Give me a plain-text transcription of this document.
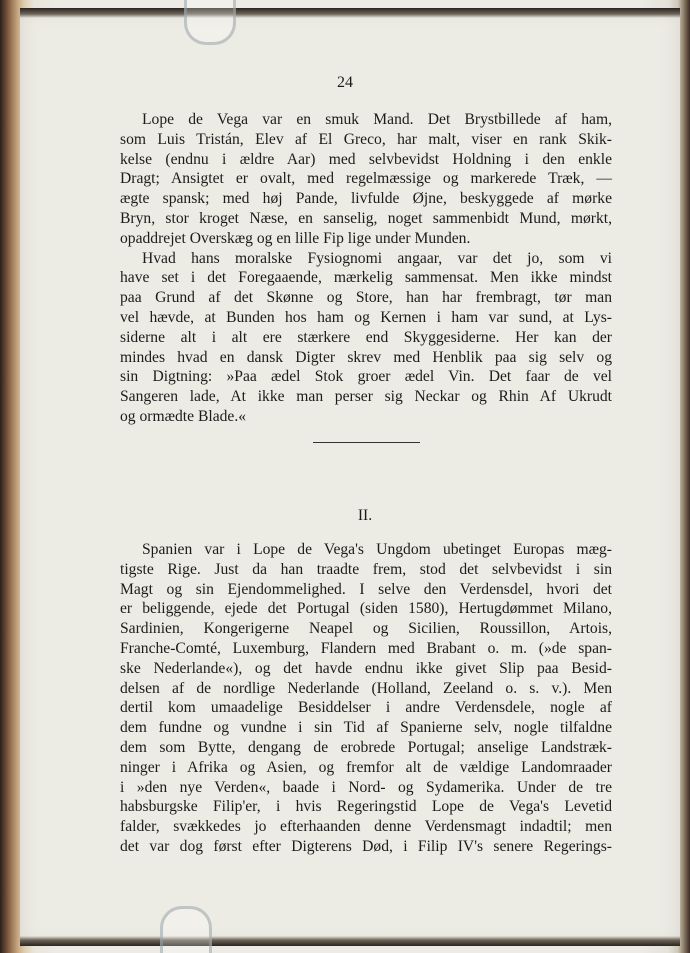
24
Lope de Vega var en smuk Mand. Det Brystbillede af ham,
som Luis Tristán, Elev af El Greco, har malt, viser en rank Skik-
kelse (endnu i ældre Aar) med selvbevidst Holdning i den enkle
Dragt; Ansigtet er ovalt, med regelmæssige og markerede Træk, —
ægte spansk; med høj Pande, livfulde Øjne, beskyggede af mørke
Bryn, stor kroget Næse, en sanselig, noget sammenbidt Mund, mørkt,
opaddrejet Overskæg og en lille Fip lige under Munden.
Hvad hans moralske Fysiognomi angaar, var det jo, som vi
have set i det Foregaaende, mærkelig sammensat. Men ikke mindst
paa Grund af det Skønne og Store, han har frembragt, tør man
vel hævde, at Bunden hos ham og Kernen i ham var sund, at Lys-
siderne alt i alt ere stærkere end Skyggesiderne. Her kan der
mindes hvad en dansk Digter skrev med Henblik paa sig selv og
sin Digtning: »Paa ædel Stok groer ædel Vin. Det faar de vel
Sangeren lade, At ikke man perser sig Neckar og Rhin Af Ukrudt
og ormædte Blade.«
II.
Spanien var i Lope de Vega's Ungdom ubetinget Europas mæg-
tigste Rige. Just da han traadte frem, stod det selvbevidst i sin
Magt og sin Ejendommelighed. I selve den Verdensdel, hvori det
er beliggende, ejede det Portugal (siden 1580), Hertugdømmet Milano,
Sardinien, Kongerigerne Neapel og Sicilien, Roussillon, Artois,
Franche-Comté, Luxemburg, Flandern med Brabant o. m. (»de span-
ske Nederlande«), og det havde endnu ikke givet Slip paa Besid-
delsen af de nordlige Nederlande (Holland, Zeeland o. s. v.). Men
dertil kom umaadelige Besiddelser i andre Verdensdele, nogle af
dem fundne og vundne i sin Tid af Spanierne selv, nogle tilfaldne
dem som Bytte, dengang de erobrede Portugal; anselige Landstræk-
ninger i Afrika og Asien, og fremfor alt de vældige Landomraader
i »den nye Verden«, baade i Nord- og Sydamerika. Under de tre
habsburgske Filip'er, i hvis Regeringstid Lope de Vega's Levetid
falder, svækkedes jo efterhaanden denne Verdensmagt indadtil; men
det var dog først efter Digterens Død, i Filip IV's senere Regerings-
